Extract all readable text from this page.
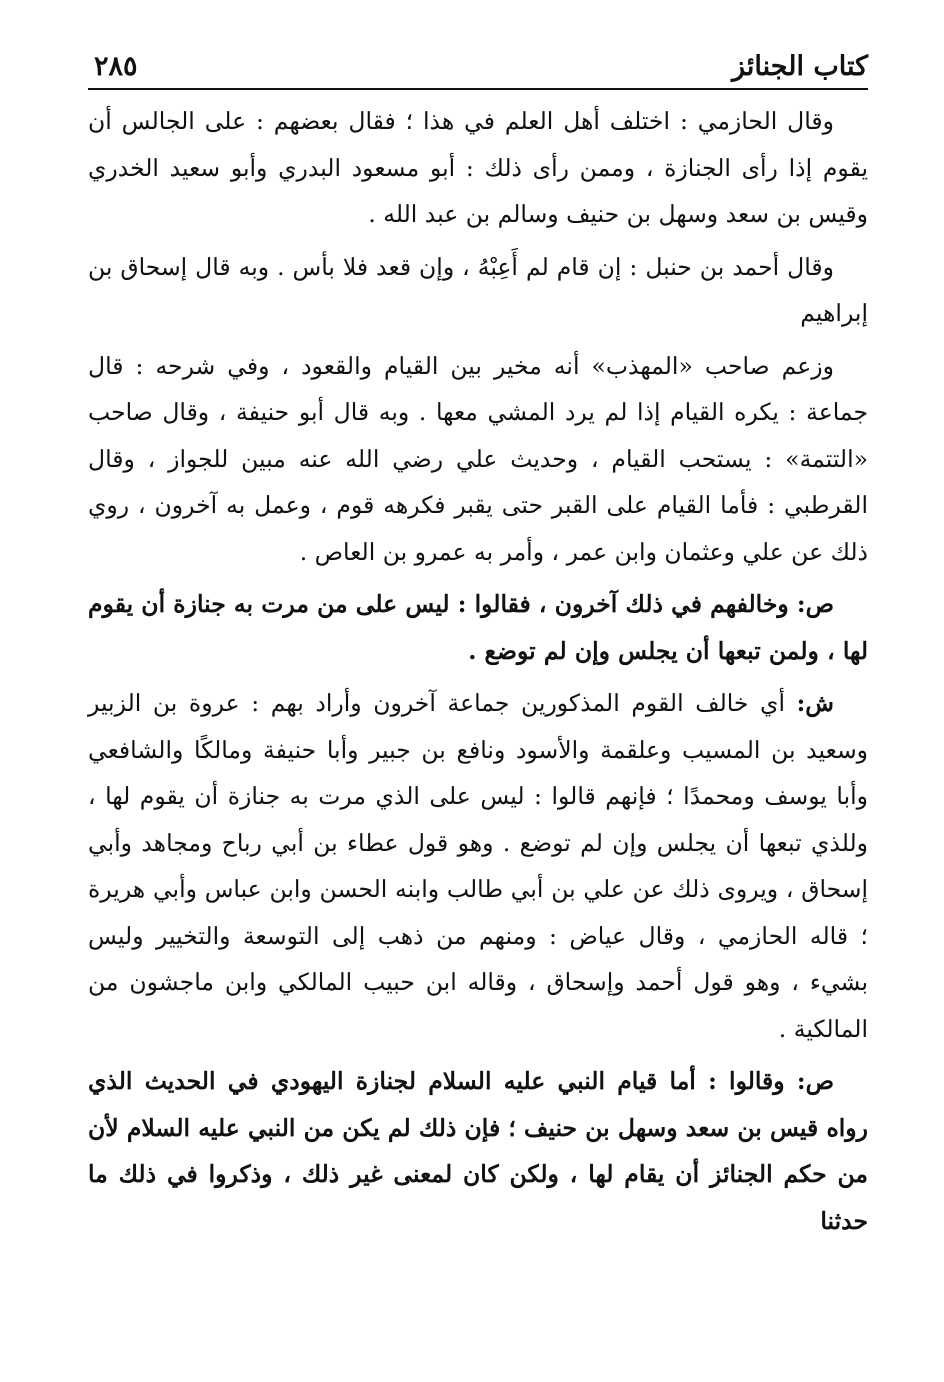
كتاب الجنائز
٢٨٥

وقال الحازمي : اختلف أهل العلم في هذا ؛ فقال بعضهم : على الجالس أن يقوم إذا رأى الجنازة ، وممن رأى ذلك : أبو مسعود البدري وأبو سعيد الخدري وقيس بن سعد وسهل بن حنيف وسالم بن عبد الله .

وقال أحمد بن حنبل : إن قام لم أَعِبْهُ ، وإن قعد فلا بأس . وبه قال إسحاق بن إبراهيم

وزعم صاحب «المهذب» أنه مخير بين القيام والقعود ، وفي شرحه : قال جماعة : يكره القيام إذا لم يرد المشي معها . وبه قال أبو حنيفة ، وقال صاحب «التتمة» : يستحب القيام ، وحديث علي رضي الله عنه مبين للجواز ، وقال القرطبي : فأما القيام على القبر حتى يقبر فكرهه قوم ، وعمل به آخرون ، روي ذلك عن علي وعثمان وابن عمر ، وأمر به عمرو بن العاص .

ص: وخالفهم في ذلك آخرون ، فقالوا : ليس على من مرت به جنازة أن يقوم لها ، ولمن تبعها أن يجلس وإن لم توضع .

ش: أي خالف القوم المذكورين جماعة آخرون وأراد بهم : عروة بن الزبير وسعيد بن المسيب وعلقمة والأسود ونافع بن جبير وأبا حنيفة ومالكًا والشافعي وأبا يوسف ومحمدًا ؛ فإنهم قالوا : ليس على الذي مرت به جنازة أن يقوم لها ، وللذي تبعها أن يجلس وإن لم توضع . وهو قول عطاء بن أبي رباح ومجاهد وأبي إسحاق ، ويروى ذلك عن علي بن أبي طالب وابنه الحسن وابن عباس وأبي هريرة ؛ قاله الحازمي ، وقال عياض : ومنهم من ذهب إلى التوسعة والتخيير وليس بشيء ، وهو قول أحمد وإسحاق ، وقاله ابن حبيب المالكي وابن ماجشون من المالكية .

ص: وقالوا : أما قيام النبي عليه السلام لجنازة اليهودي في الحديث الذي رواه قيس بن سعد وسهل بن حنيف ؛ فإن ذلك لم يكن من النبي عليه السلام لأن من حكم الجنائز أن يقام لها ، ولكن كان لمعنى غير ذلك ، وذكروا في ذلك ما حدثنا
